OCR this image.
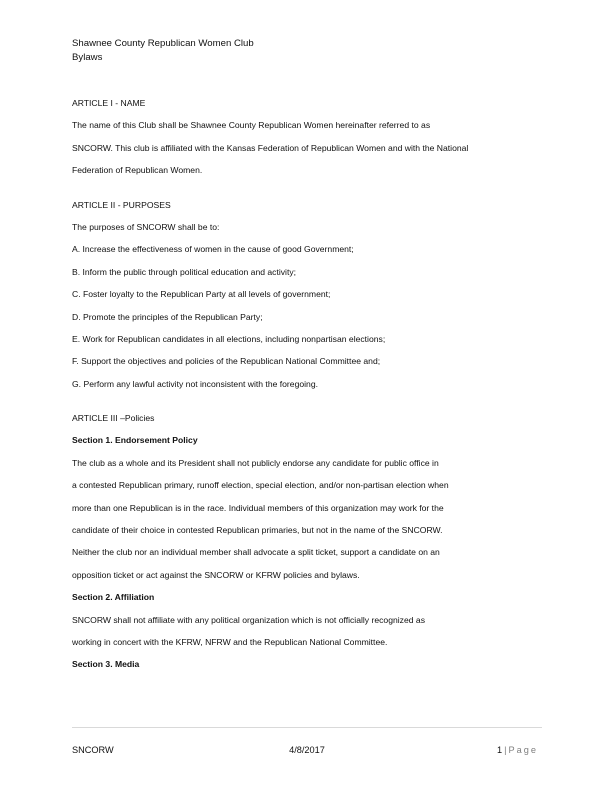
Shawnee County Republican Women Club
Bylaws
ARTICLE I - NAME
The name of this Club shall be Shawnee County Republican Women hereinafter referred to as
SNCORW. This club is affiliated with the Kansas Federation of Republican Women and with the National
Federation of Republican Women.
ARTICLE II - PURPOSES
The purposes of SNCORW shall be to:
A. Increase the effectiveness of women in the cause of good Government;
B. Inform the public through political education and activity;
C. Foster loyalty to the Republican Party at all levels of government;
D. Promote the principles of the Republican Party;
E. Work for Republican candidates in all elections, including nonpartisan elections;
F. Support the objectives and policies of the Republican National Committee and;
G. Perform any lawful activity not inconsistent with the foregoing.
ARTICLE III –Policies
Section 1. Endorsement Policy
The club as a whole and its President shall not publicly endorse any candidate for public office in
a contested Republican primary, runoff election, special election, and/or non-partisan election when
more than one Republican is in the race. Individual members of this organization may work for the
candidate of their choice in contested Republican primaries, but not in the name of the SNCORW.
Neither the club nor an individual member shall advocate a split ticket, support a candidate on an
opposition ticket or act against the SNCORW or KFRW policies and bylaws.
Section 2. Affiliation
SNCORW shall not affiliate with any political organization which is not officially recognized as
working in concert with the KFRW, NFRW and the Republican National Committee.
Section 3. Media
SNCORW	4/8/2017	1 | Page
